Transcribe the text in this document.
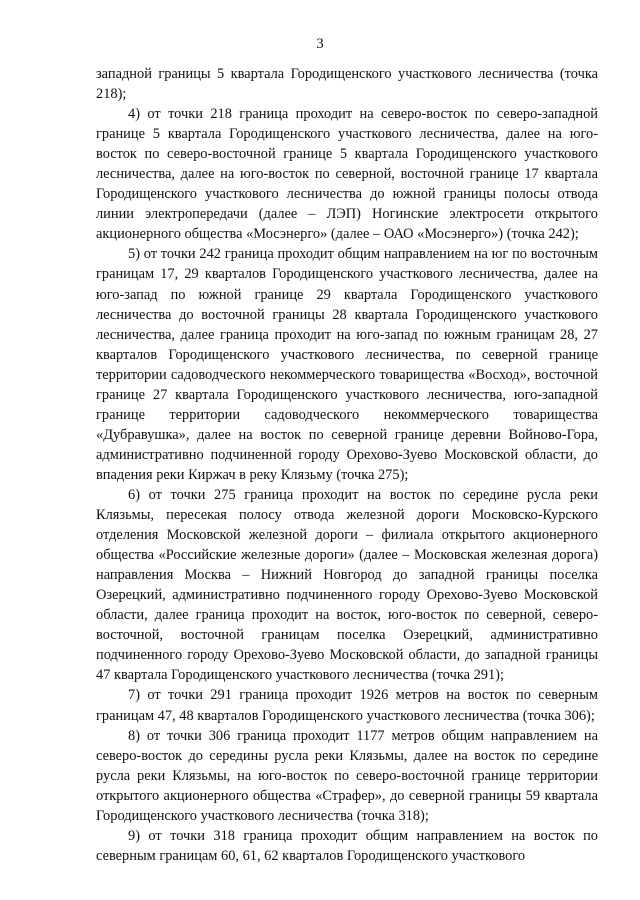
3

западной границы 5 квартала Городищенского участкового лесничества (точка 218);

4) от точки 218 граница проходит на северо-восток по северо-западной границе 5 квартала Городищенского участкового лесничества, далее на юго-восток по северо-восточной границе 5 квартала Городищенского участкового лесничества, далее на юго-восток по северной, восточной границе 17 квартала Городищенского участкового лесничества до южной границы полосы отвода линии электропередачи (далее – ЛЭП) Ногинские электросети открытого акционерного общества «Мосэнерго» (далее – ОАО «Мосэнерго») (точка 242);

5) от точки 242 граница проходит общим направлением на юг по восточным границам 17, 29 кварталов Городищенского участкового лесничества, далее на юго-запад по южной границе 29 квартала Городищенского участкового лесничества до восточной границы 28 квартала Городищенского участкового лесничества, далее граница проходит на юго-запад по южным границам 28, 27 кварталов Городищенского участкового лесничества, по северной границе территории садоводческого некоммерческого товарищества «Восход», восточной границе 27 квартала Городищенского участкового лесничества, юго-западной границе территории садоводческого некоммерческого товарищества «Дубравушка», далее на восток по северной границе деревни Войново-Гора, административно подчиненной городу Орехово-Зуево Московской области, до впадения реки Киржач в реку Клязьму (точка 275);

6) от точки 275 граница проходит на восток по середине русла реки Клязьмы, пересекая полосу отвода железной дороги Московско-Курского отделения Московской железной дороги – филиала открытого акционерного общества «Российские железные дороги» (далее – Московская железная дорога) направления Москва – Нижний Новгород до западной границы поселка Озерецкий, административно подчиненного городу Орехово-Зуево Московской области, далее граница проходит на восток, юго-восток по северной, северо-восточной, восточной границам поселка Озерецкий, административно подчиненного городу Орехово-Зуево Московской области, до западной границы 47 квартала Городищенского участкового лесничества (точка 291);

7) от точки 291 граница проходит 1926 метров на восток по северным границам 47, 48 кварталов Городищенского участкового лесничества (точка 306);

8) от точки 306 граница проходит 1177 метров общим направлением на северо-восток до середины русла реки Клязьмы, далее на восток по середине русла реки Клязьмы, на юго-восток по северо-восточной границе территории открытого акционерного общества «Страфер», до северной границы 59 квартала Городищенского участкового лесничества (точка 318);

9) от точки 318 граница проходит общим направлением на восток по северным границам 60, 61, 62 кварталов Городищенского участкового
